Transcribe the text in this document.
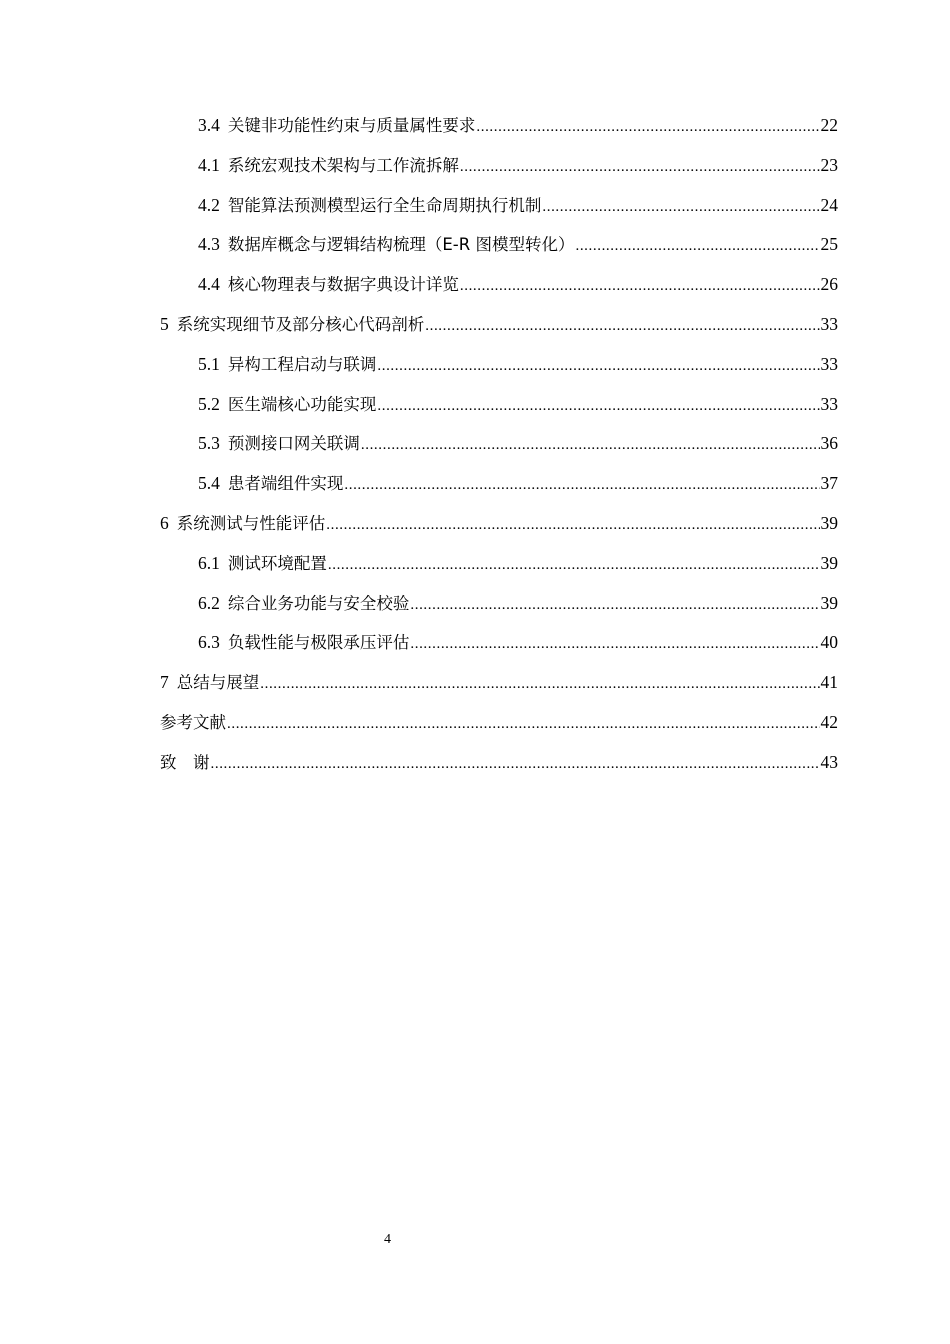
3.4 关键非功能性约束与质量属性要求 .....	22
4.1 系统宏观技术架构与工作流拆解 .....	23
4.2 智能算法预测模型运行全生命周期执行机制 .....	24
4.3 数据库概念与逻辑结构梳理（E-R 图模型转化） .....	25
4.4 核心物理表与数据字典设计详览 .....	26
5 系统实现细节及部分核心代码剖析 .....	33
5.1 异构工程启动与联调 .....	33
5.2 医生端核心功能实现 .....	33
5.3 预测接口网关联调 .....	36
5.4 患者端组件实现 .....	37
6 系统测试与性能评估 .....	39
6.1 测试环境配置 .....	39
6.2 综合业务功能与安全校验 .....	39
6.3 负载性能与极限承压评估 .....	40
7 总结与展望 .....	41
参考文献 .....	42
致　谢 .....	43
4
